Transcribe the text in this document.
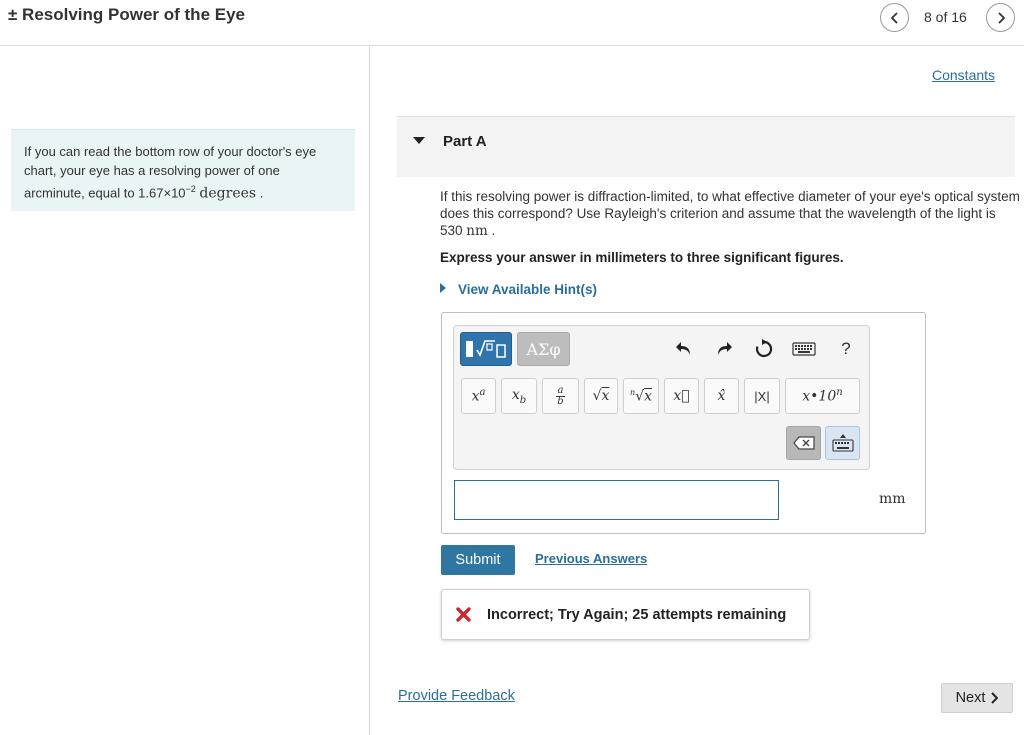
± Resolving Power of the Eye	8 of 16
If you can read the bottom row of your doctor's eye chart, your eye has a resolving power of one arcminute, equal to $1.67\times 10^{-2}$ degrees .
Constants
Part A
If this resolving power is diffraction-limited, to what effective diameter of your eye's optical system does this correspond? Use Rayleigh's criterion and assume that the wavelength of the light is 530 nm .
Express your answer in millimeters to three significant figures.
View Available Hint(s)
ΑΣφ	?
$x^a$ $x_b$
a
b √x	$^n$√x x⃗ x̂ |X| x•10$^n$
mm
Submit	Previous Answers
Incorrect; Try Again; 25 attempts remaining
Provide Feedback	Next
